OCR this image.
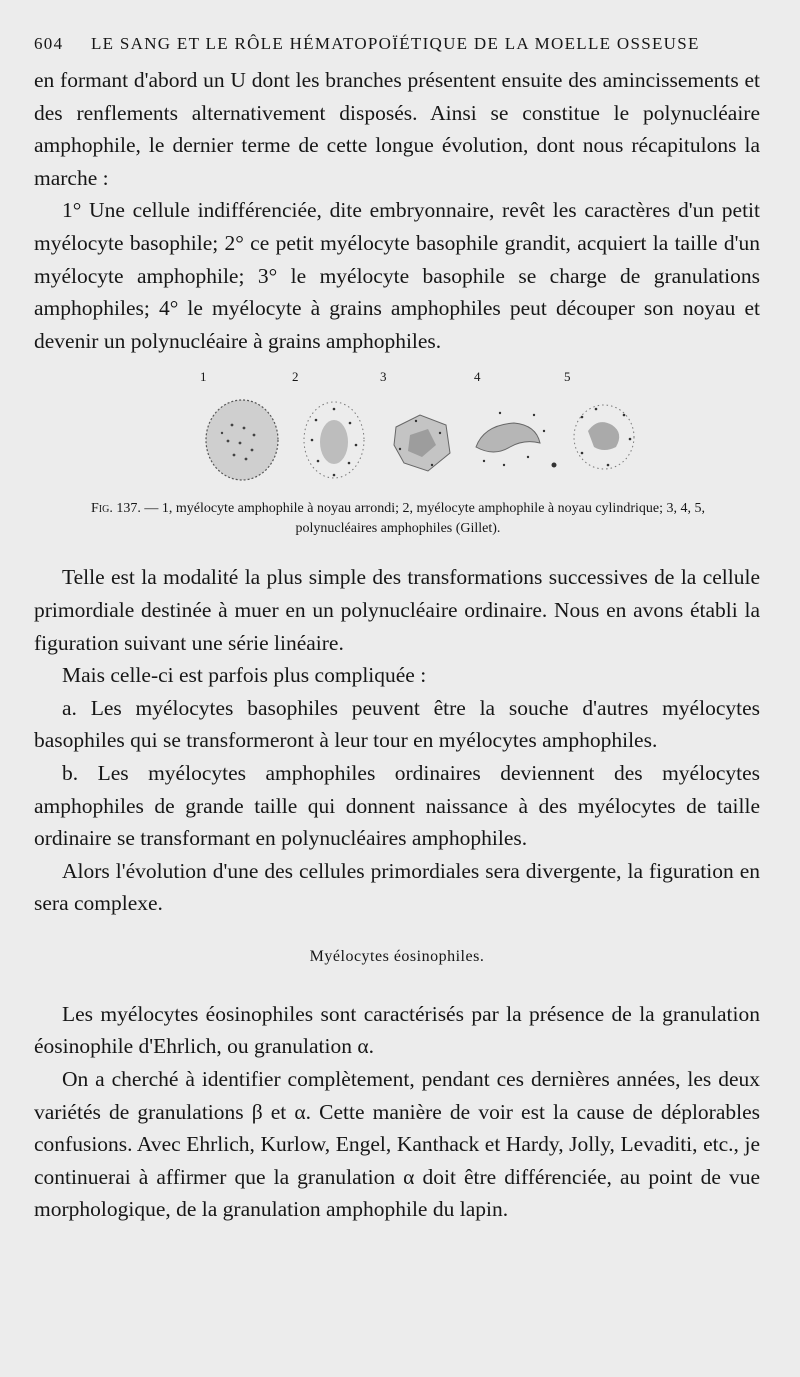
604 LE SANG ET LE RÔLE HÉMATOPOÏÉTIQUE DE LA MOELLE OSSEUSE

en formant d'abord un U dont les branches présentent ensuite des amincissements et des renflements alternativement disposés. Ainsi se constitue le polynucléaire amphophile, le dernier terme de cette longue évolution, dont nous récapitulons la marche :

1° Une cellule indifférenciée, dite embryonnaire, revêt les caractères d'un petit myélocyte basophile; 2° ce petit myélocyte basophile grandit, acquiert la taille d'un myélocyte amphophile; 3° le myélocyte basophile se charge de granulations amphophiles; 4° le myélocyte à grains amphophiles peut découper son noyau et devenir un polynucléaire à grains amphophiles.

1	2	3	4	5
Fig. 137. — 1, myélocyte amphophile à noyau arrondi; 2, myélocyte amphophile à noyau cylindrique; 3, 4, 5, polynucléaires amphophiles (Gillet).

Telle est la modalité la plus simple des transformations successives de la cellule primordiale destinée à muer en un polynucléaire ordinaire. Nous en avons établi la figuration suivant une série linéaire.

Mais celle-ci est parfois plus compliquée :

a. Les myélocytes basophiles peuvent être la souche d'autres myélocytes basophiles qui se transformeront à leur tour en myélocytes amphophiles.

b. Les myélocytes amphophiles ordinaires deviennent des myélocytes amphophiles de grande taille qui donnent naissance à des myélocytes de taille ordinaire se transformant en polynucléaires amphophiles.

Alors l'évolution d'une des cellules primordiales sera divergente, la figuration en sera complexe.

Myélocytes éosinophiles.

Les myélocytes éosinophiles sont caractérisés par la présence de la granulation éosinophile d'Ehrlich, ou granulation α.

On a cherché à identifier complètement, pendant ces dernières années, les deux variétés de granulations β et α. Cette manière de voir est la cause de déplorables confusions. Avec Ehrlich, Kurlow, Engel, Kanthack et Hardy, Jolly, Levaditi, etc., je continuerai à affirmer que la granulation α doit être différenciée, au point de vue morphologique, de la granulation amphophile du lapin.
